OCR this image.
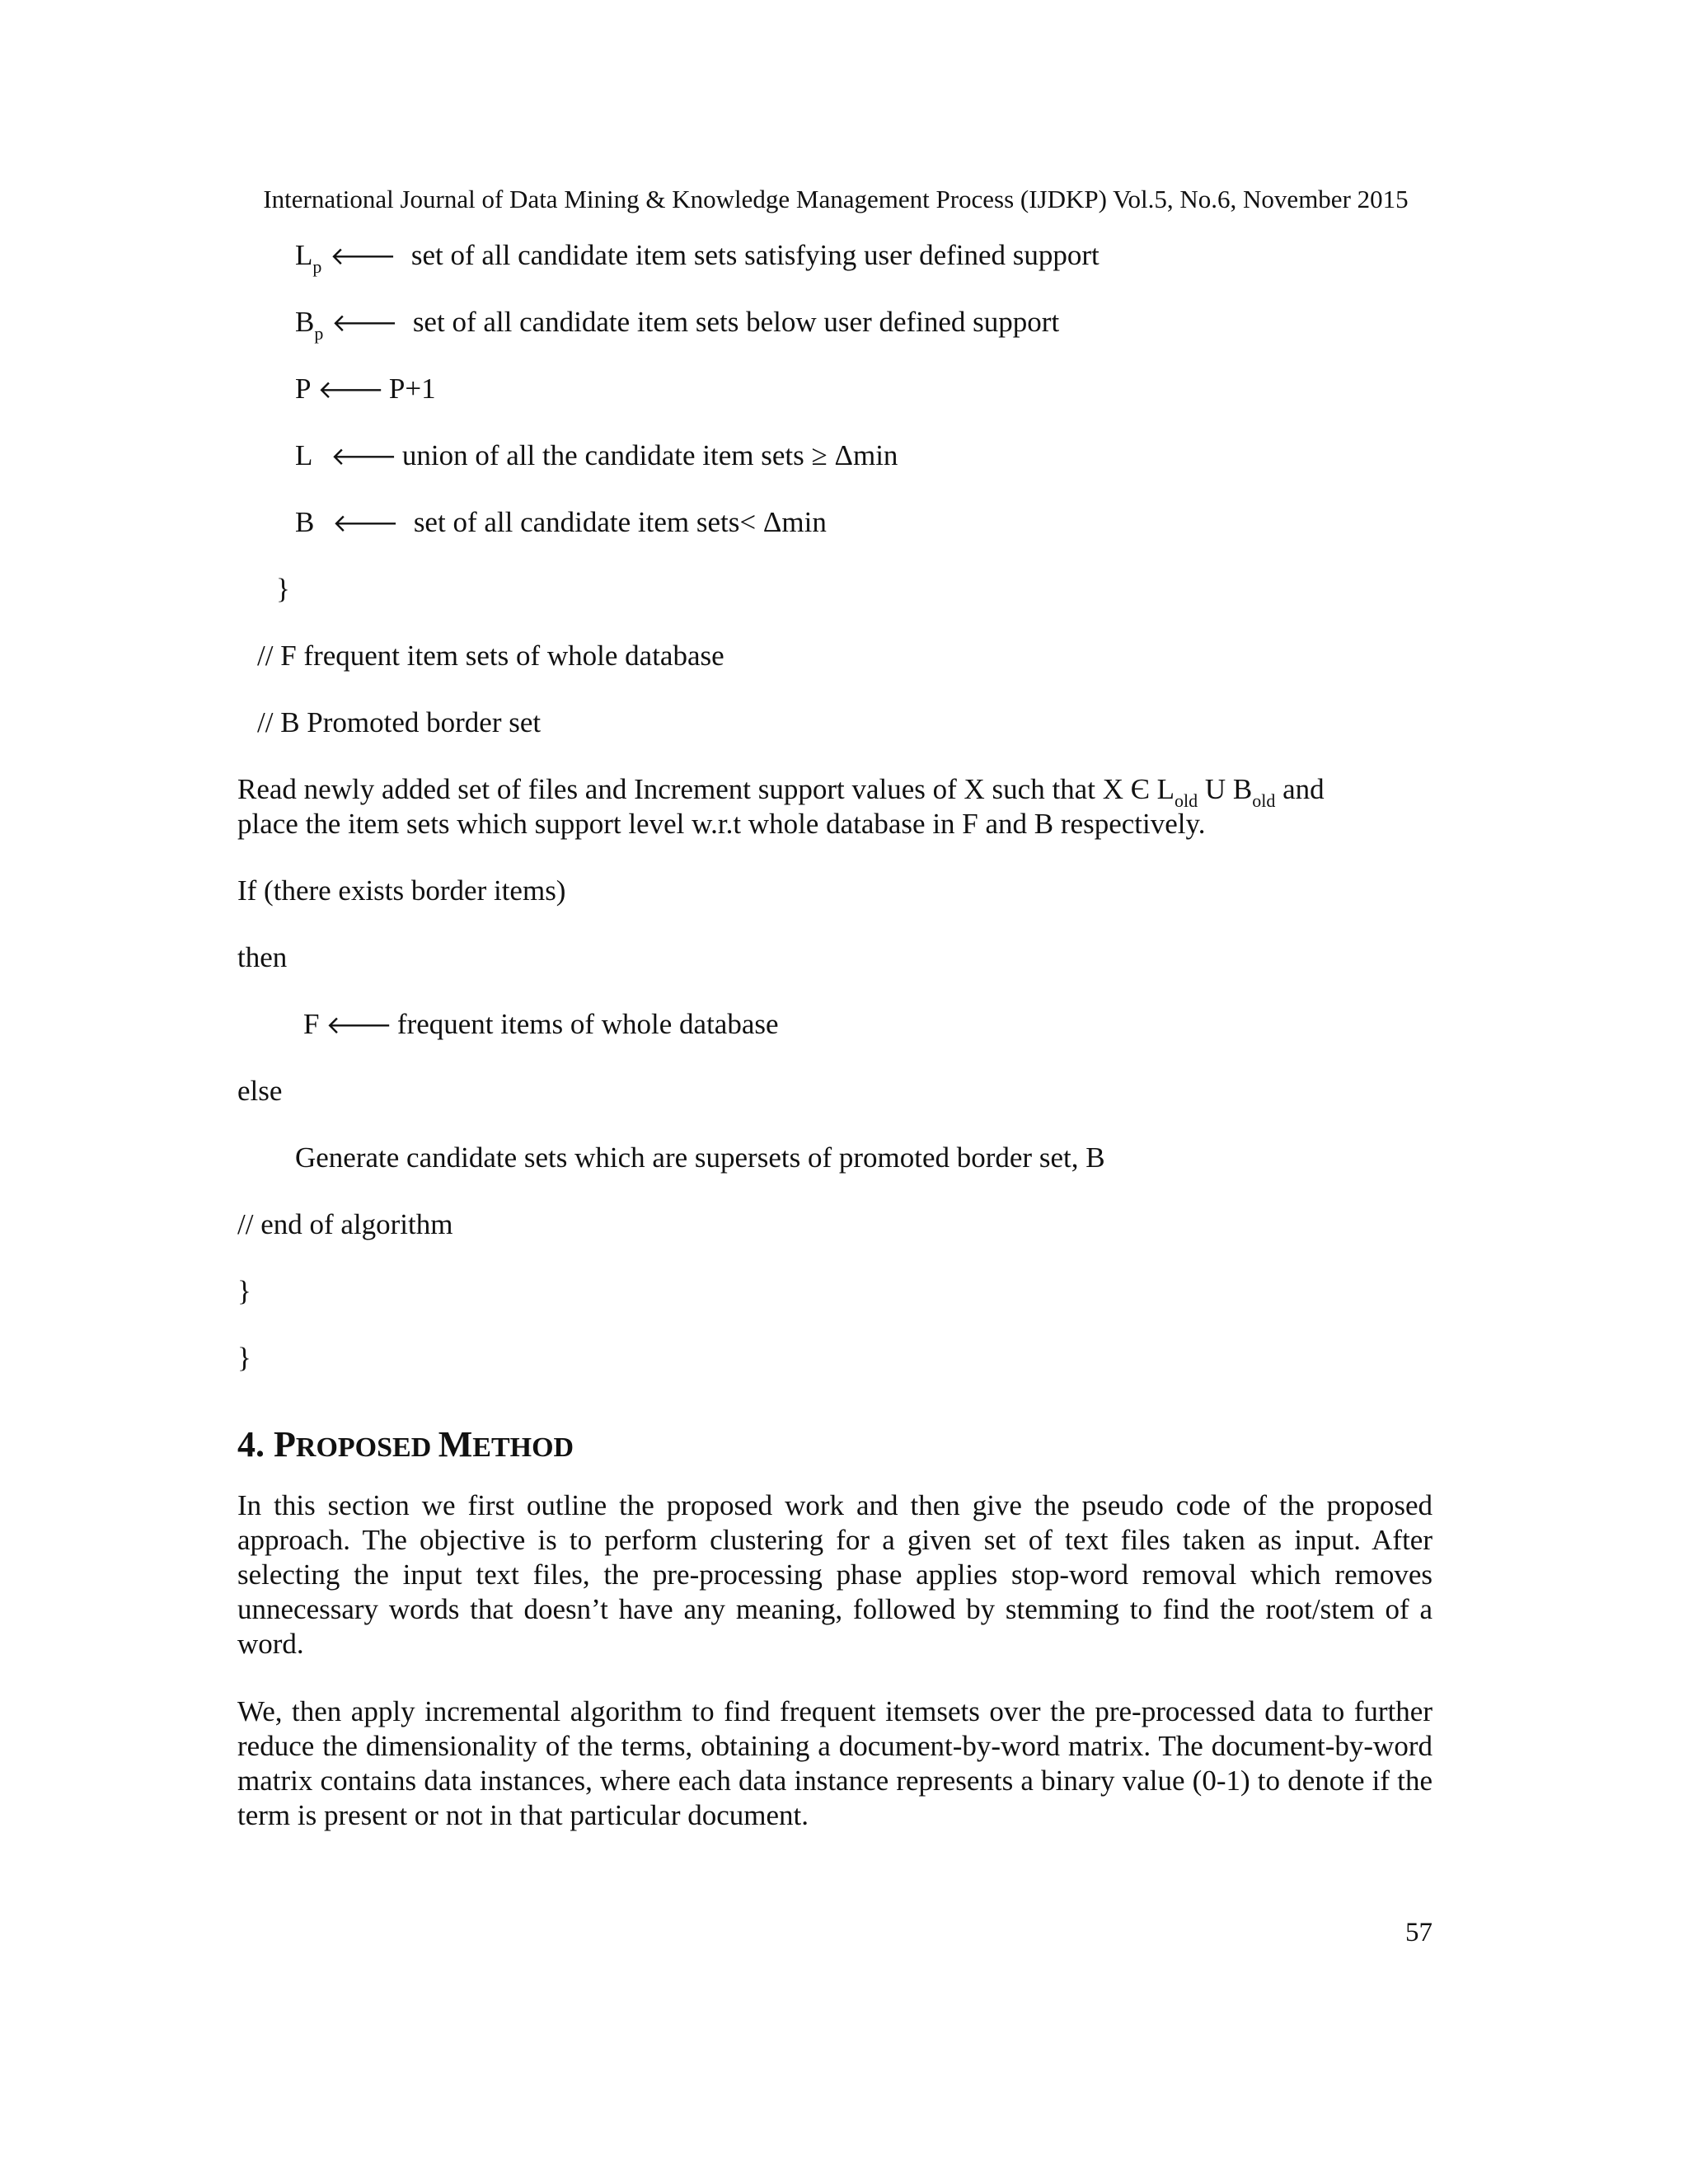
International Journal of Data Mining & Knowledge Management Process (IJDKP) Vol.5, No.6, November 2015
$L_p$ 🡐 set of all candidate item sets satisfying user defined support
$B_p$ 🡐 set of all candidate item sets below user defined support
P 🡐 P+1
L 🡐 union of all the candidate item sets ≥ Δmin
B 🡐 set of all candidate item sets< Δmin
}
// F frequent item sets of whole database
// B Promoted border set
Read newly added set of files and Increment support values of X such that X Є $L_{old}$ U $B_{old}$ and
place the item sets which support level w.r.t whole database in F and B respectively.
If (there exists border items)
then
F 🡐 frequent items of whole database
else
Generate candidate sets which are supersets of promoted border set, B
// end of algorithm
}
}
4. PROPOSED METHOD
In this section we first outline the proposed work and then give the pseudo code of the proposed approach. The objective is to perform clustering for a given set of text files taken as input. After selecting the input text files, the pre-processing phase applies stop-word removal which removes unnecessary words that doesn’t have any meaning, followed by stemming to find the root/stem of a word.
We, then apply incremental algorithm to find frequent itemsets over the pre-processed data to further reduce the dimensionality of the terms, obtaining a document-by-word matrix. The document-by-word matrix contains data instances, where each data instance represents a binary value (0-1) to denote if the term is present or not in that particular document.
57
